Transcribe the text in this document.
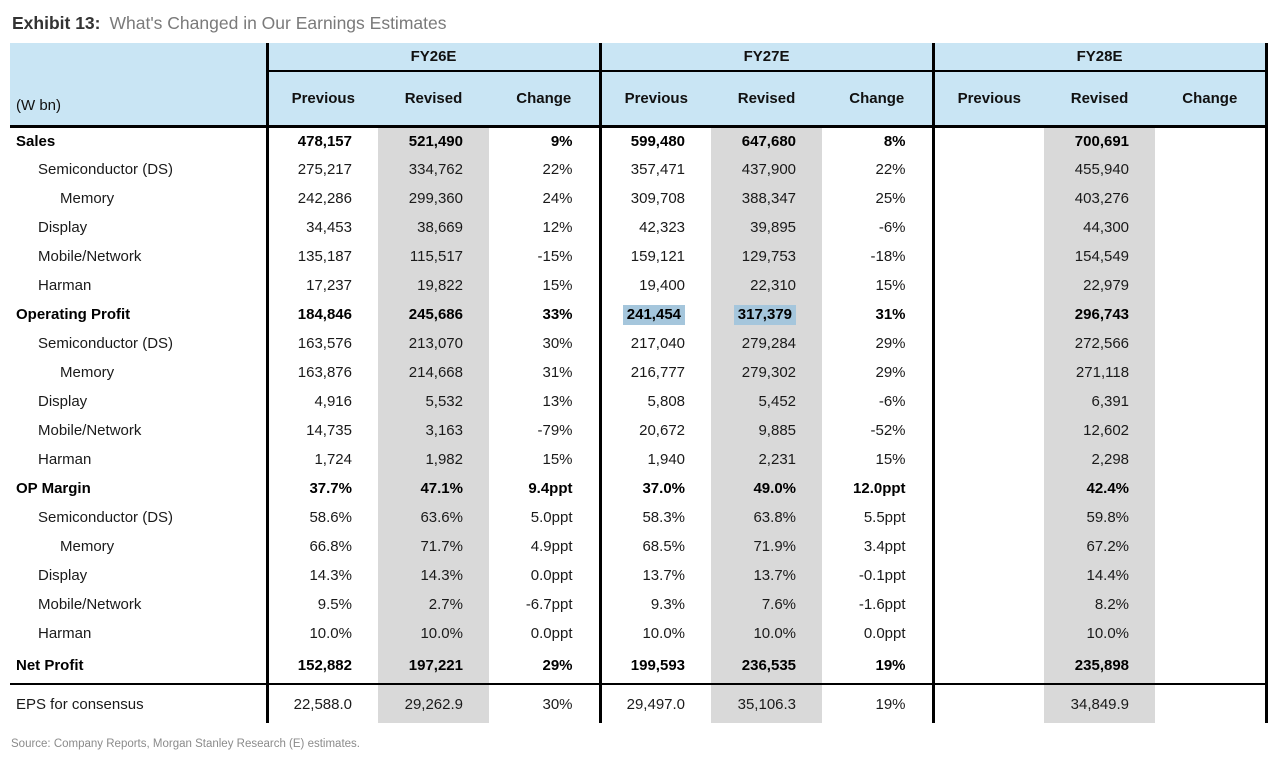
Exhibit 13: What's Changed in Our Earnings Estimates
(W bn)	FY26E			FY27E			FY28E		
	Previous	Revised	Change	Previous	Revised	Change	Previous	Revised	Change
Sales	478,157	521,490	9%	599,480	647,680	8%		700,691	
Semiconductor (DS)	275,217	334,762	22%	357,471	437,900	22%		455,940	
Memory	242,286	299,360	24%	309,708	388,347	25%		403,276	
Display	34,453	38,669	12%	42,323	39,895	-6%		44,300	
Mobile/Network	135,187	115,517	-15%	159,121	129,753	-18%		154,549	
Harman	17,237	19,822	15%	19,400	22,310	15%		22,979	
Operating Profit	184,846	245,686	33%	241,454	317,379	31%		296,743	
Semiconductor (DS)	163,576	213,070	30%	217,040	279,284	29%		272,566	
Memory	163,876	214,668	31%	216,777	279,302	29%		271,118	
Display	4,916	5,532	13%	5,808	5,452	-6%		6,391	
Mobile/Network	14,735	3,163	-79%	20,672	9,885	-52%		12,602	
Harman	1,724	1,982	15%	1,940	2,231	15%		2,298	
OP Margin	37.7%	47.1%	9.4ppt	37.0%	49.0%	12.0ppt		42.4%	
Semiconductor (DS)	58.6%	63.6%	5.0ppt	58.3%	63.8%	5.5ppt		59.8%	
Memory	66.8%	71.7%	4.9ppt	68.5%	71.9%	3.4ppt		67.2%	
Display	14.3%	14.3%	0.0ppt	13.7%	13.7%	-0.1ppt		14.4%	
Mobile/Network	9.5%	2.7%	-6.7ppt	9.3%	7.6%	-1.6ppt		8.2%	
Harman	10.0%	10.0%	0.0ppt	10.0%	10.0%	0.0ppt		10.0%	
Net Profit	152,882	197,221	29%	199,593	236,535	19%		235,898	
EPS for consensus	22,588.0	29,262.9	30%	29,497.0	35,106.3	19%		34,849.9	
Source: Company Reports, Morgan Stanley Research (E) estimates.
